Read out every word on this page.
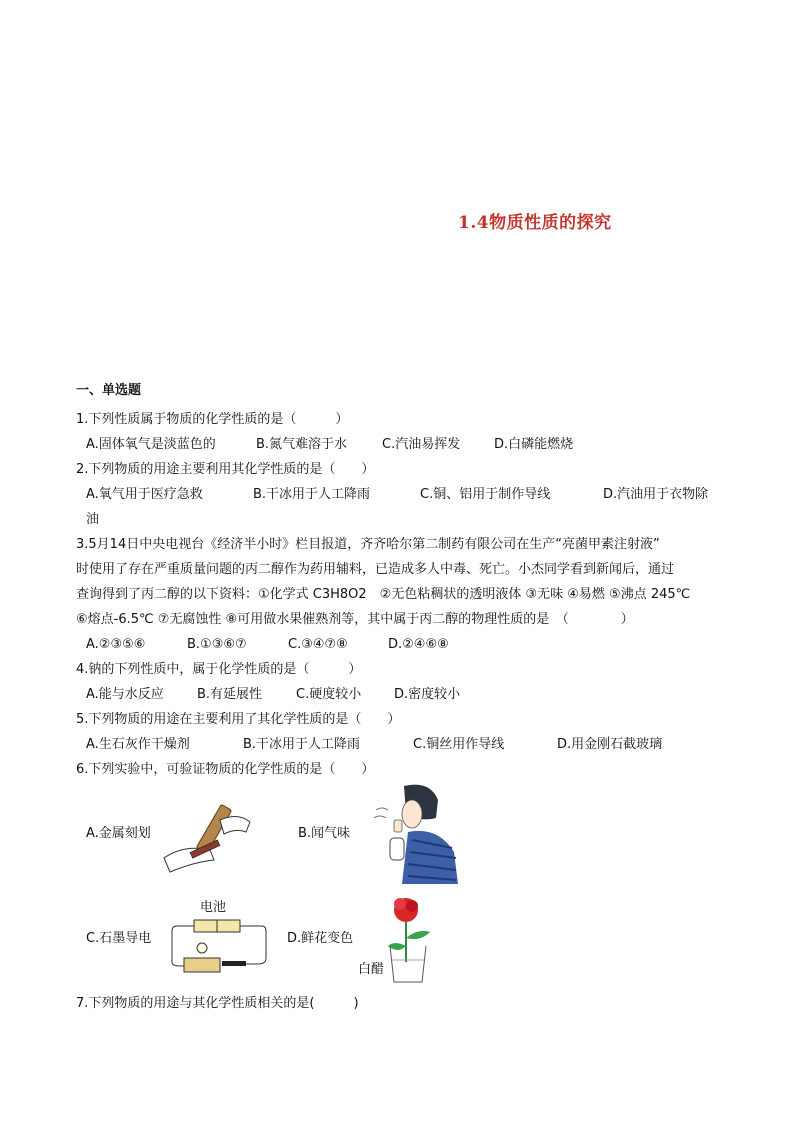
1.4物质性质的探究
一、单选题
1.下列性质属于物质的化学性质的是（　　　）
A.固体氧气是淡蓝色的	B.氮气难溶于水	C.汽油易挥发	D.白磷能燃烧
2.下列物质的用途主要利用其化学性质的是（　　）
A.氧气用于医疗急救	B.干冰用于人工降雨	C.铜、铝用于制作导线	D.汽油用于衣物除
油
3.5月14日中央电视台《经济半小时》栏目报道，齐齐哈尔第二制药有限公司在生产“亮菌甲素注射液”
时使用了存在严重质量问题的丙二醇作为药用辅料，已造成多人中毒、死亡。小杰同学看到新闻后，通过
查询得到了丙二醇的以下资料：①化学式 C3H8O2　②无色粘稠状的透明液体 ③无味 ④易燃 ⑤沸点 245℃
⑥熔点-6.5℃ ⑦无腐蚀性 ⑧可用做水果催熟剂等，其中属于丙二醇的物理性质的是　（　　　　）
A.②③⑤⑥	B.①③⑥⑦	C.③④⑦⑧	D.②④⑥⑧
4.钠的下列性质中，属于化学性质的是（　　　）
A.能与水反应	B.有延展性	C.硬度较小	D.密度较小
5.下列物质的用途在主要利用了其化学性质的是（　　）
A.生石灰作干燥剂	B.干冰用于人工降雨	C.铜丝用作导线	D.用金刚石截玻璃
6.下列实验中，可验证物质的化学性质的是（　　）
A.金属刻划	B.闻气味
C.石墨导电
电池
D.鲜花变色
白醋
7.下列物质的用途与其化学性质相关的是(　　　)
